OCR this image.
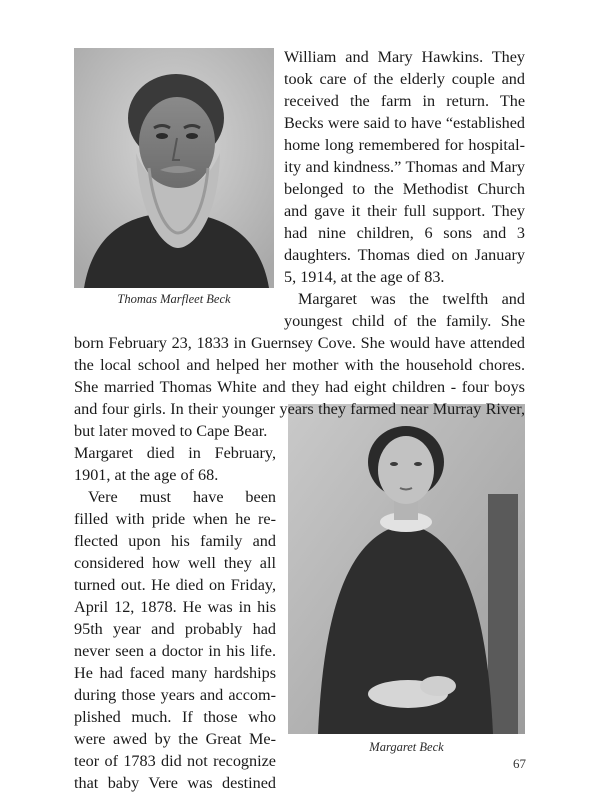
Thomas Marfleet Beck
Margaret Beck
William and Mary Hawkins. They
took care of the elderly couple and
received the farm in return. The
Becks were said to have “established
home long remembered for hospital-
ity and kindness.” Thomas and Mary
belonged to the Methodist Church
and gave it their full support. They
had nine children, 6 sons and 3
daughters. Thomas died on January
5, 1914, at the age of 83.
Margaret was the twelfth and
youngest child of the family. She
born February 23, 1833 in Guernsey Cove. She would have attended
the local school and helped her mother with the household chores.
She married Thomas White and they had eight children - four boys
and four girls. In their younger years they farmed near Murray River,
but later moved to Cape Bear.
Margaret died in February,
1901, at the age of 68.
Vere must have been
filled with pride when he re-
flected upon his family and
considered how well they all
turned out. He died on Friday,
April 12, 1878. He was in his
95th year and probably had
never seen a doctor in his life.
He had faced many hardships
during those years and accom-
plished much. If those who
were awed by the Great Me-
teor of 1783 did not recognize
that baby Vere was destined
67
